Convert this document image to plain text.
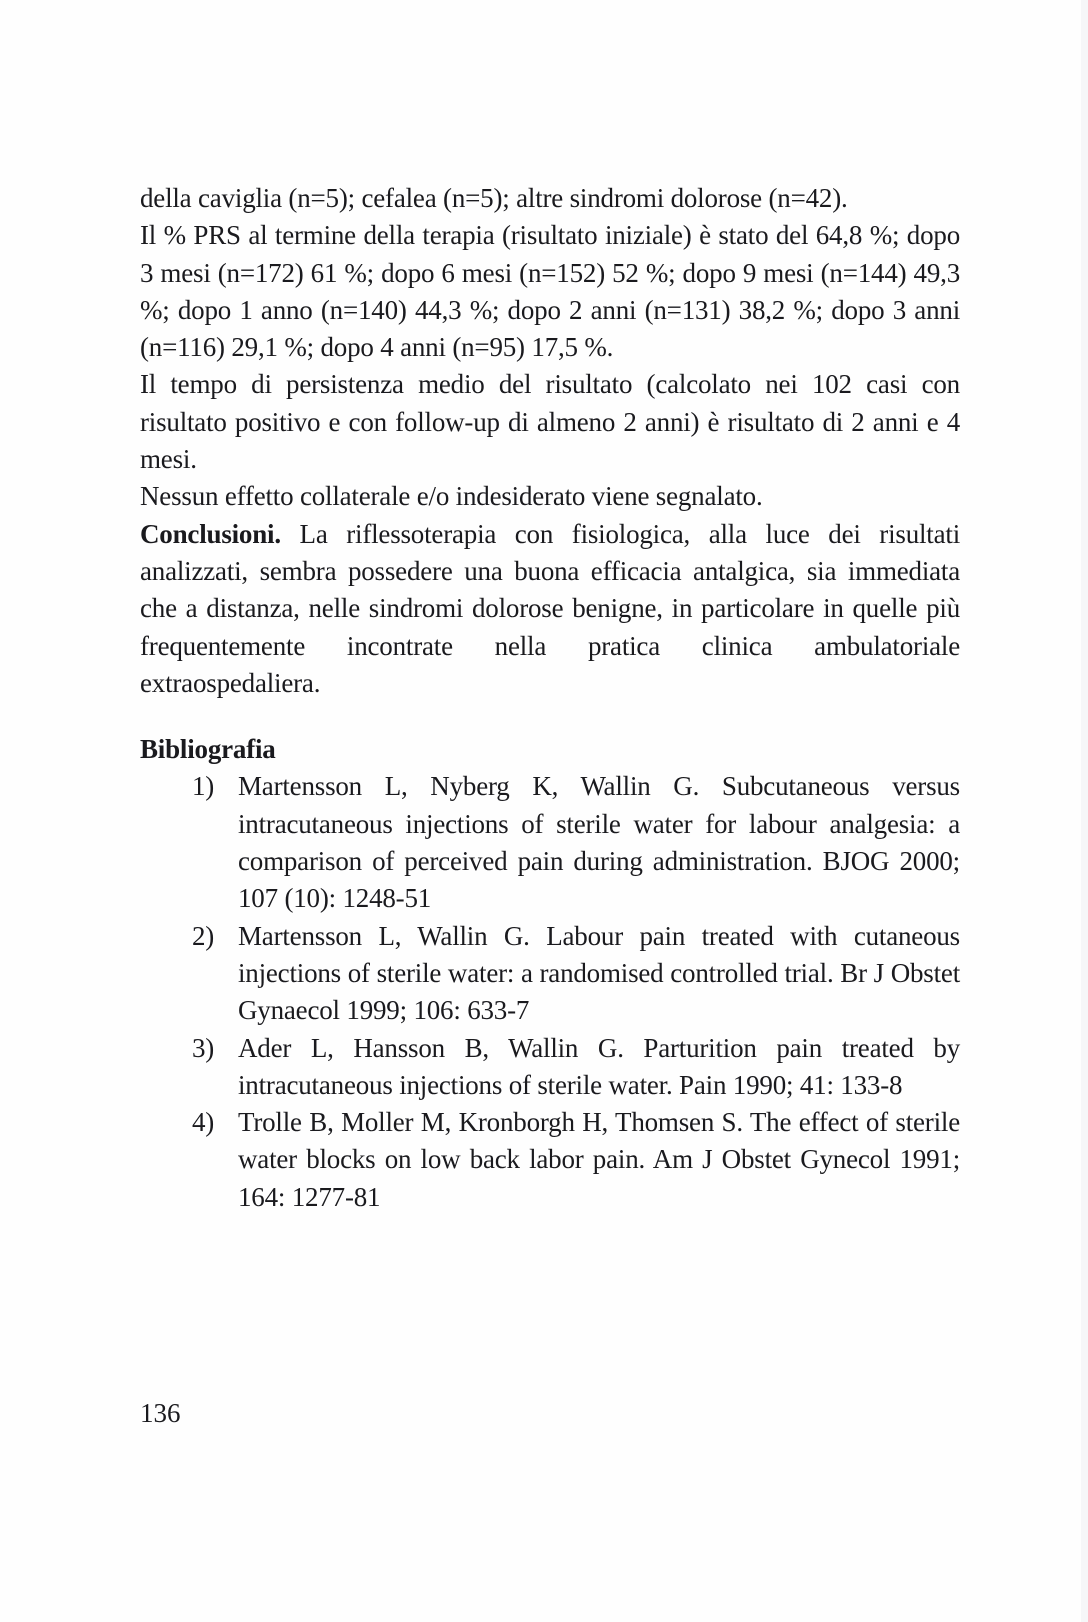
della caviglia (n=5); cefalea (n=5); altre sindromi dolorose (n=42).

Il % PRS al termine della terapia (risultato iniziale) è stato del 64,8 %; dopo 3 mesi (n=172) 61 %; dopo 6 mesi (n=152) 52 %; dopo 9 mesi (n=144) 49,3 %; dopo 1 anno (n=140) 44,3 %; dopo 2 anni (n=131) 38,2 %; dopo 3 anni (n=116) 29,1 %; dopo 4 anni (n=95) 17,5 %.

Il tempo di persistenza medio del risultato (calcolato nei 102 casi con risultato positivo e con follow-up di almeno 2 anni) è risultato di 2 anni e 4 mesi.

Nessun effetto collaterale e/o indesiderato viene segnalato.

Conclusioni. La riflessoterapia con fisiologica, alla luce dei risultati analizzati, sembra possedere una buona efficacia antalgica, sia immediata che a distanza, nelle sindromi dolorose benigne, in particolare in quelle più frequentemente incontrate nella pratica clinica ambulatoriale extraospedaliera.

Bibliografia
1) Martensson L, Nyberg K, Wallin G. Subcutaneous versus intracutaneous injections of sterile water for labour analgesia: a comparison of perceived pain during administration. BJOG 2000; 107 (10): 1248-51
2) Martensson L, Wallin G. Labour pain treated with cutaneous injections of sterile water: a randomised controlled trial. Br J Obstet Gynaecol 1999; 106: 633-7
3) Ader L, Hansson B, Wallin G. Parturition pain treated by intracutaneous injections of sterile water. Pain 1990; 41: 133-8
4) Trolle B, Moller M, Kronborgh H, Thomsen S. The effect of sterile water blocks on low back labor pain. Am J Obstet Gynecol 1991; 164: 1277-81
136
